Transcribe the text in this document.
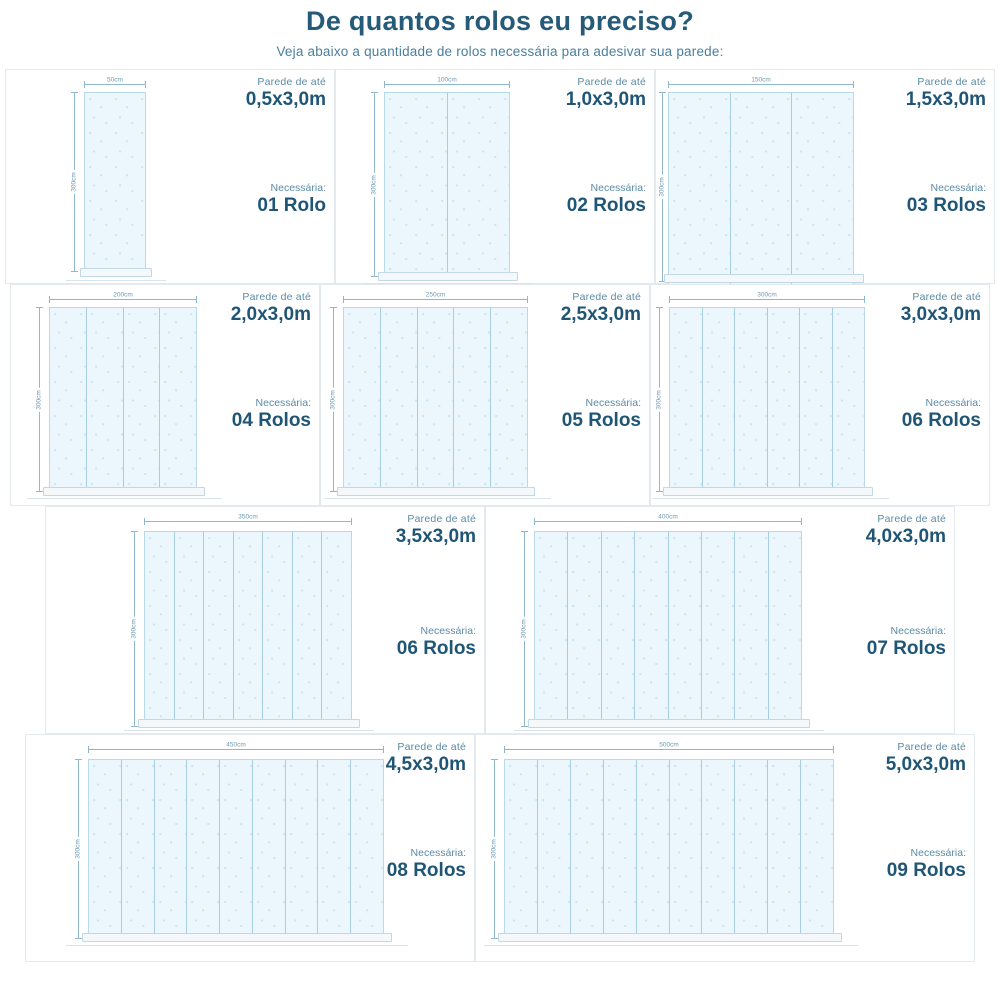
De quantos rolos eu preciso?
Veja abaixo a quantidade de rolos necessária para adesivar sua parede:
50cm
300cm
Parede de até
0,5x3,0m
Necessária:
01 Rolo
100cm
300cm
Parede de até
1,0x3,0m
Necessária:
02 Rolos
150cm
300cm
Parede de até
1,5x3,0m
Necessária:
03 Rolos
200cm
300cm
Parede de até
2,0x3,0m
Necessária:
04 Rolos
250cm
300cm
Parede de até
2,5x3,0m
Necessária:
05 Rolos
300cm
300cm
Parede de até
3,0x3,0m
Necessária:
06 Rolos
350cm
300cm
Parede de até
3,5x3,0m
Necessária:
06 Rolos
400cm
300cm
Parede de até
4,0x3,0m
Necessária:
07 Rolos
450cm
300cm
Parede de até
4,5x3,0m
Necessária:
08 Rolos
500cm
300cm
Parede de até
5,0x3,0m
Necessária:
09 Rolos
